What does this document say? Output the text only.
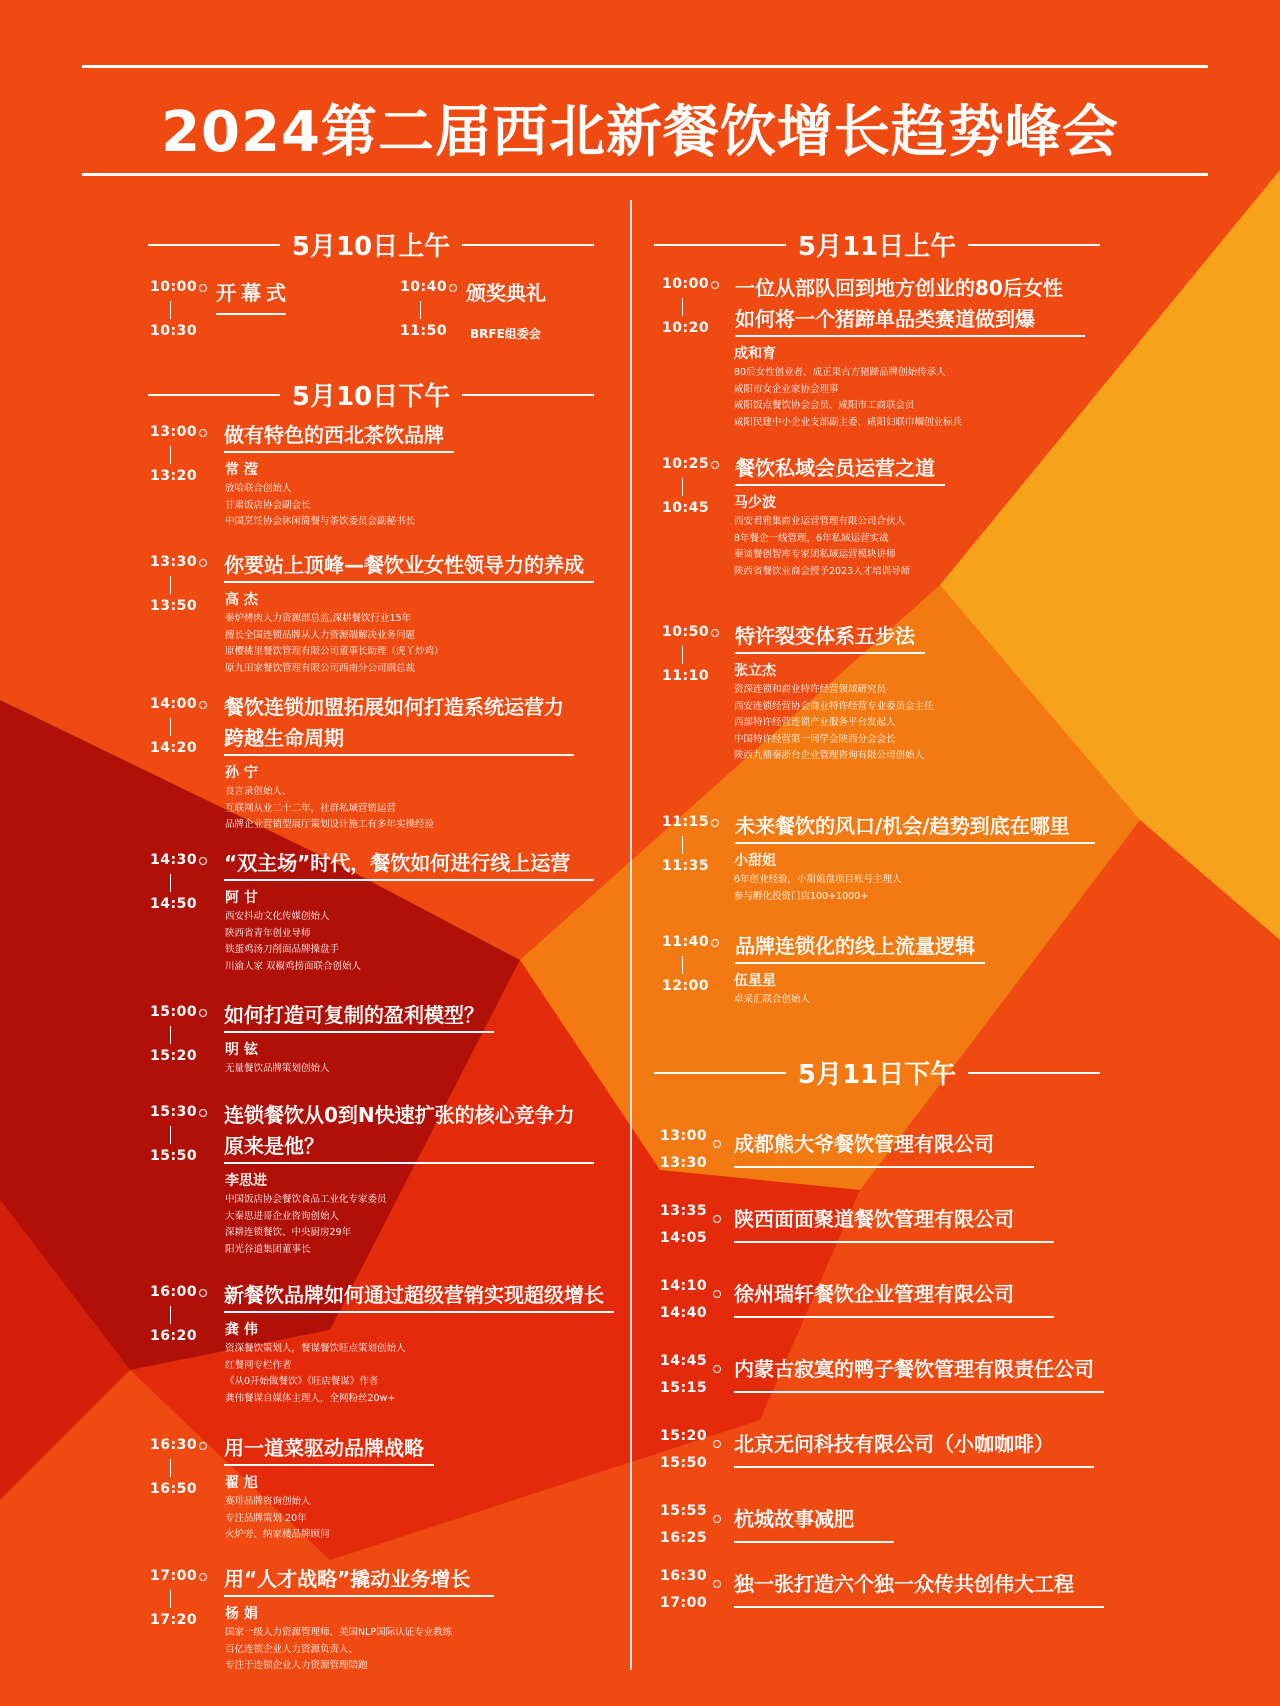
2024第二届西北新餐饮增长趋势峰会
5月10日上午
5月10日下午
10:00
10:30
开幕式	10:40
11:50
颁奖典礼
BRFE组委会
13:00
13:20
做有特色的西北茶饮品牌
常 滢
放哈联合创始人
甘肃饭店协会副会长
中国烹饪协会休闲简餐与茶饮委员会副秘书长
13:30
13:50
你要站上顶峰—餐饮业女性领导力的养成
高 杰
秦炉烤肉人力资源部总监,深耕餐饮行业15年
擅长全国连锁品牌从人力资源端解决业务问题
原樱桃里餐饮管理有限公司董事长助理（虎丫炒鸡）
原九田家餐饮管理有限公司西南分公司副总裁
14:00
14:20
餐饮连锁加盟拓展如何打造系统运营力
跨越生命周期
孙 宁
良言录创始人、
互联网从业二十二年，社群私域营销运营
品牌企业营销型展厅策划设计施工有多年实操经验
14:30
14:50
“双主场”时代，餐饮如何进行线上运营
阿 甘
西安抖动文化传媒创始人
陕西省青年创业导师
铁蛋鸡汤刀削面品牌操盘手
川渝人家 双椒鸡捞面联合创始人
15:00
15:20
如何打造可复制的盈利模型？
明 铉
无量餐饮品牌策划创始人
15:30
15:50
连锁餐饮从0到N快速扩张的核心竞争力
原来是他？
李思进
中国饭店协会餐饮食品工业化专家委员
大秦思进哥企业咨询创始人
深耕连锁餐饮、中央厨房29年
阳光谷道集团董事长
16:00
16:20
新餐饮品牌如何通过超级营销实现超级增长
龚 伟
资深餐饮策划人，餐谋餐饮旺点策划创始人
红餐网专栏作者
《从0开始做餐饮》《旺店餐谋》作者
龚伟餐谋自媒体主理人，全网粉丝20w+
16:30
16:50
用一道菜驱动品牌战略
翟 旭
赛琲品牌咨询创始人
专注品牌策划 20年
火炉旁、纳家楼品牌顾问
17:00
17:20
用“人才战略”撬动业务增长
杨 娟
国家一级人力资源管理师、美国NLP国际认证专业教练
百亿连锁企业人力资源负责人、
专注于连锁企业人力资源管理陪跑
5月11日上午
5月11日下午
10:00
10:20
一位从部队回到地方创业的80后女性
如何将一个猪蹄单品类赛道做到爆
成和育
80后女性创业者、成正果古方猪蹄品牌创始传承人
咸阳市女企业家协会理事
咸阳饭点餐饮协会会员、咸阳市工商联会员
咸阳民建中小企业支部副主委、咸阳妇联巾帼创业标兵
10:25
10:45
餐饮私域会员运营之道
马少波
西安君雅集商业运营管理有限公司合伙人
8年餐企一线管理，6年私域运营实战
秦谈餐创智库专家团私域运营模块讲师
陕西省餐饮业商会授予2023人才培训导师
10:50
11:10
特许裂变体系五步法
张立杰
资深连锁和商业特许经营领域研究员
西安连锁经营协会商业特许经营专业委员会主任
西部特许经营连锁产业服务平台发起人
中国特许经营第一同学会陕西分会会长
陕西九鼎秦浙台企业管理咨询有限公司创始人
11:15
11:35
未来餐饮的风口/机会/趋势到底在哪里
小甜姐
6年创业经验，小甜姐盘项目账号主理人
参与孵化投资门店100+1000+
11:40
12:00
品牌连锁化的线上流量逻辑
伍星星
卓采汇联合创始人
13:00
13:30
成都熊大爷餐饮管理有限公司
13:35
14:05
陕西面面聚道餐饮管理有限公司
14:10
14:40
徐州瑞轩餐饮企业管理有限公司
14:45
15:15
内蒙古寂寞的鸭子餐饮管理有限责任公司
15:20
15:50
北京无问科技有限公司（小咖咖啡）
15:55
16:25
杭城故事减肥
16:30
17:00
独一张打造六个独一众传共创伟大工程
